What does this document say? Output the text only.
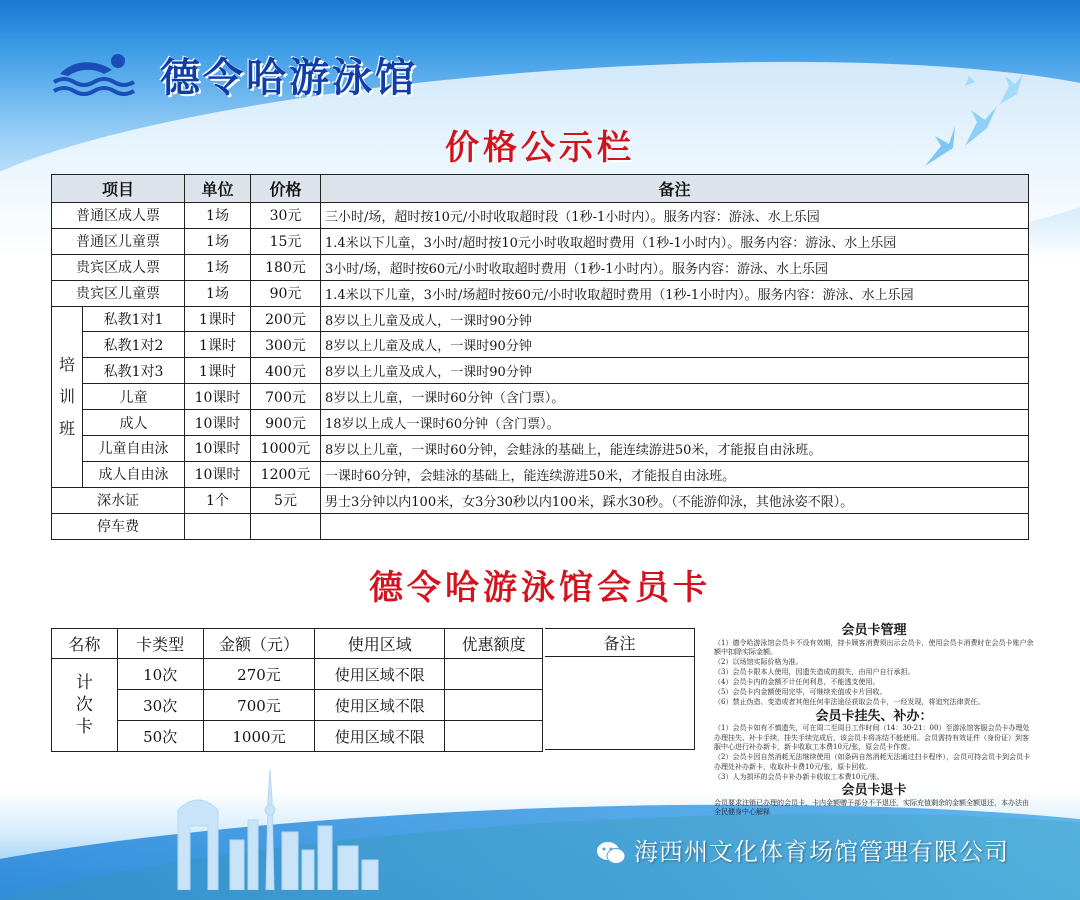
德令哈游泳馆
价格公示栏
项目		单位	价格	备注
普通区成人票		1场	30元	三小时/场，超时按10元/小时收取超时段（1秒-1小时内）。服务内容：游泳、水上乐园
普通区儿童票		1场	15元	1.4米以下儿童，3小时/超时按10元小时收取超时费用（1秒-1小时内）。服务内容：游泳、水上乐园
贵宾区成人票		1场	180元	3小时/场，超时按60元/小时收取超时费用（1秒-1小时内）。服务内容：游泳、水上乐园
贵宾区儿童票		1场	90元	1.4米以下儿童，3小时/场超时按60元/小时收取超时费用（1秒-1小时内）。服务内容：游泳、水上乐园

培
训
班	私教1对1	1课时	200元	8岁以上儿童及成人，一课时90分钟
	私教1对2	1课时	300元	8岁以上儿童及成人，一课时90分钟
	私教1对3	1课时	400元	8岁以上儿童及成人，一课时90分钟
	儿童	10课时	700元	8岁以上儿童，一课时60分钟（含门票）。
	成人	10课时	900元	18岁以上成人一课时60分钟（含门票）。
	儿童自由泳	10课时	1000元	8岁以上儿童，一课时60分钟，会蛙泳的基础上，能连续游进50米，才能报自由泳班。
	成人自由泳	10课时	1200元	一课时60分钟，会蛙泳的基础上，能连续游进50米，才能报自由泳班。
深水证		1个	5元	男士3分钟以内100米，女3分30秒以内100米，踩水30秒。（不能游仰泳，其他泳姿不限）。
停车费				
德令哈游泳馆会员卡
名称	卡类型	金额（元）	使用区域	优惠额度

计
次
卡	10次	270元	使用区域不限	
	30次	700元	使用区域不限	
	50次	1000元	使用区域不限	
备注
会员卡管理

（1）德令哈游泳馆会员卡不设有效期，持卡顾客消费须出示会员卡，使用会员卡消费时在会员卡账户余额中扣除实际金额。

（2）以场馆实际价格为准。

（3）会员卡限本人使用，因遗失造成的损失，由用户自行承担。

（4）会员卡内的金额不计任何利息，不能透支使用。

（5）会员卡内金额使用完毕，可继续充值或卡片回收。

（6）禁止伪造、变造或者其他任何非法途径获取会员卡，一经发现，将追究法律责任。

会员卡挂失、补办：

（1）会员卡如有不慎遗失，可在周二至周日工作时间（14：30-21：00）至游泳馆客服会员卡办理处办理挂失、补卡手续，挂失手续完成后，该会员卡将冻结不能使用。会员需持有效证件（身份证）到客服中心进行补办新卡，新卡收取工本费10元/张，原会员卡作废。

（2）会员卡因自然消耗无法继续使用（如条码自然消耗无法通过扫卡程序），会员可持会员卡到会员卡办理处补办新卡，收取补卡费10元/张，原卡回收。

（3）人为损坏的会员卡补办新卡收取工本费10元/张。

会员卡退卡

会员要求注销已办理的会员卡，卡内金额赠予部分不予退还，实际充值剩余的金额全额退还，本办法由全民健身中心解释

海西州文化体育场馆管理有限公司
